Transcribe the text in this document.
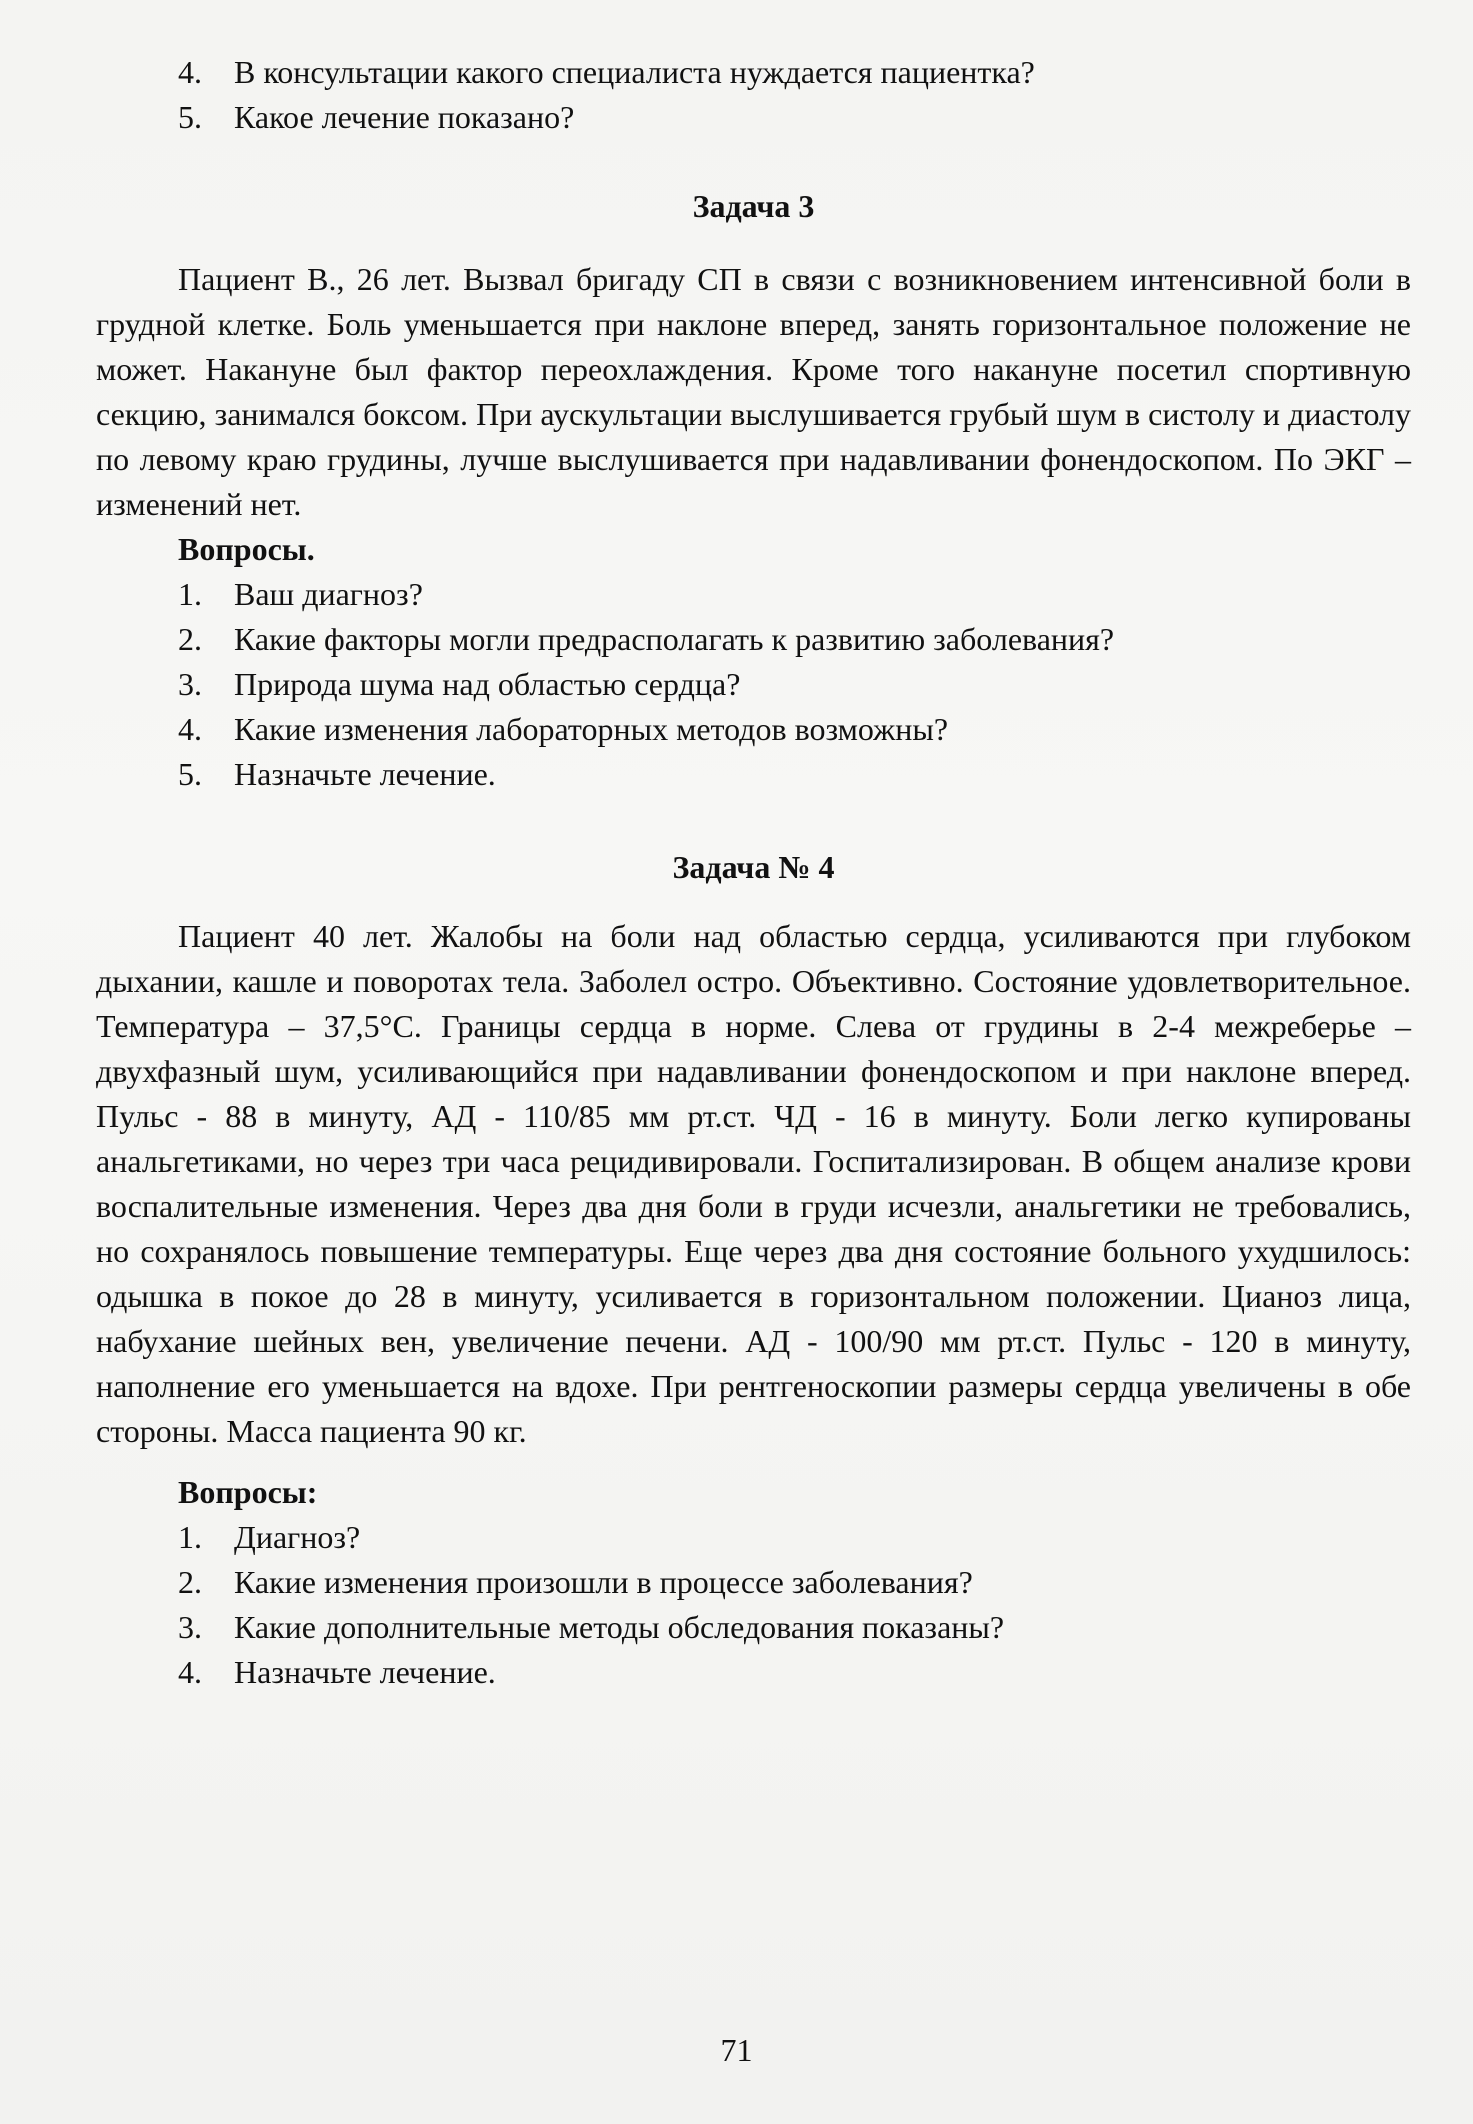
4. В консультации какого специалиста нуждается пациентка?
5. Какое лечение показано?
Задача 3

Пациент В., 26 лет. Вызвал бригаду СП в связи с возникновением интенсивной боли в грудной клетке. Боль уменьшается при наклоне вперед, занять горизонтальное положение не может. Накануне был фактор переохлаждения. Кроме того накануне посетил спортивную секцию, занимался боксом. При аускультации выслушивается грубый шум в систолу и диастолу по левому краю грудины, лучше выслушивается при надавливании фонендоскопом. По ЭКГ – изменений нет.

Вопросы.

1. Ваш диагноз?
2. Какие факторы могли предрасполагать к развитию заболевания?
3. Природа шума над областью сердца?
4. Какие изменения лабораторных методов возможны?
5. Назначьте лечение.
Задача № 4

Пациент 40 лет. Жалобы на боли над областью сердца, усиливаются при глубоком дыхании, кашле и поворотах тела. Заболел остро. Объективно. Состояние удовлетворительное. Температура – 37,5°С. Границы сердца в норме. Слева от грудины в 2-4 межреберье – двухфазный шум, усиливающийся при надавливании фонендоскопом и при наклоне вперед. Пульс - 88 в минуту, АД - 110/85 мм рт.ст. ЧД - 16 в минуту. Боли легко купированы анальгетиками, но через три часа рецидивировали. Госпитализирован. В общем анализе крови воспалительные изменения. Через два дня боли в груди исчезли, анальгетики не требовались, но сохранялось повышение температуры. Еще через два дня состояние больного ухудшилось: одышка в покое до 28 в минуту, усиливается в горизонтальном положении. Цианоз лица, набухание шейных вен, увеличение печени. АД - 100/90 мм рт.ст. Пульс - 120 в минуту, наполнение его уменьшается на вдохе. При рентгеноскопии размеры сердца увеличены в обе стороны. Масса пациента 90 кг.

Вопросы:

1. Диагноз?
2. Какие изменения произошли в процессе заболевания?
3. Какие дополнительные методы обследования показаны?
4. Назначьте лечение.
71
